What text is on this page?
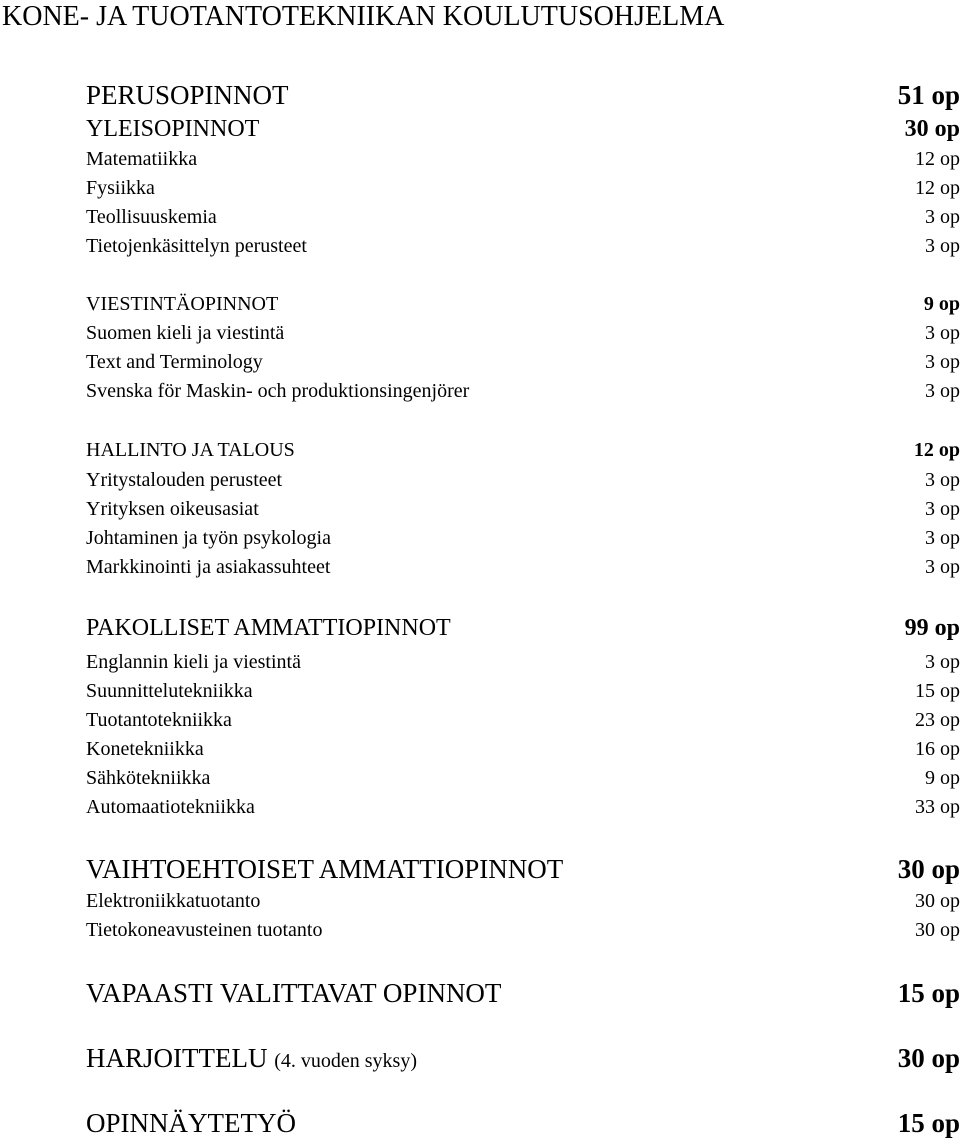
KONE- JA TUOTANTOTEKNIIKAN KOULUTUSOHJELMA
PERUSOPINNOT	51 op
YLEISOPINNOT	30 op
Matematiikka	12 op
Fysiikka	12 op
Teollisuuskemia	3 op
Tietojenkäsittelyn perusteet	3 op
VIESTINTÄOPINNOT	9 op
Suomen kieli ja viestintä	3 op
Text and Terminology	3 op
Svenska för Maskin- och produktionsingenjörer	3 op
HALLINTO JA TALOUS	12 op
Yritystalouden perusteet	3 op
Yrityksen oikeusasiat	3 op
Johtaminen ja työn psykologia	3 op
Markkinointi ja asiakassuhteet	3 op
PAKOLLISET AMMATTIOPINNOT	99 op
Englannin kieli ja viestintä	3 op
Suunnittelutekniikka	15 op
Tuotantotekniikka	23 op
Konetekniikka	16 op
Sähkötekniikka	9 op
Automaatiotekniikka	33 op
VAIHTOEHTOISET AMMATTIOPINNOT	30 op
Elektroniikkatuotanto	30 op
Tietokoneavusteinen tuotanto	30 op
VAPAASTI VALITTAVAT OPINNOT	15 op
HARJOITTELU (4. vuoden syksy)	30 op
OPINNÄYTETYÖ	15 op
